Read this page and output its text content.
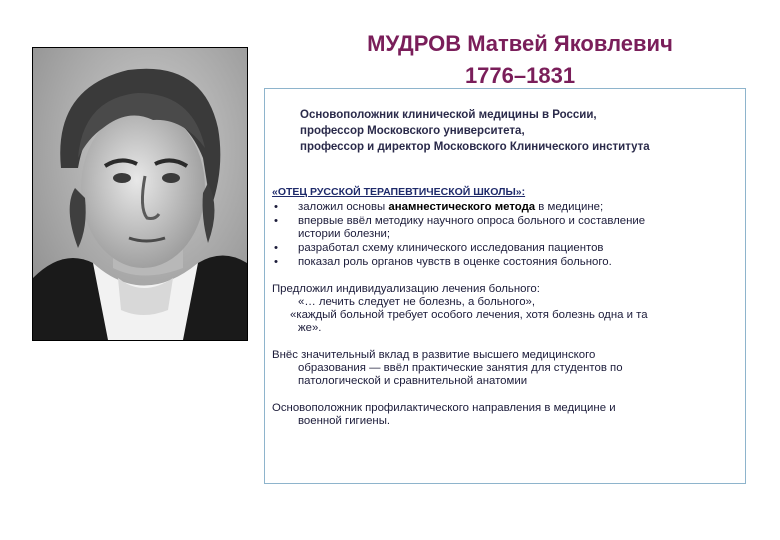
МУДРОВ Матвей Яковлевич
1776–1831
Основоположник клинической медицины в России,
профессор Московского университета,
профессор и директор Московского Клинического института
«ОТЕЦ РУССКОЙ ТЕРАПЕВТИЧЕСКОЙ ШКОЛЫ»:
• заложил основы анамнестического метода в медицине;
• впервые ввёл методику научного опроса больного и составление
истории болезни;
• разработал схему клинического исследования пациентов
• показал роль органов чувств в оценке состояния больного.
Предложил индивидуализацию лечения больного:
«… лечить следует не болезнь, а больного»,
«каждый больной требует особого лечения, хотя болезнь одна и та
же».
Внёс значительный вклад в развитие высшего медицинского
образования — ввёл практические занятия для студентов по
патологической и сравнительной анатомии
Основоположник профилактического направления в медицине и
военной гигиены.
